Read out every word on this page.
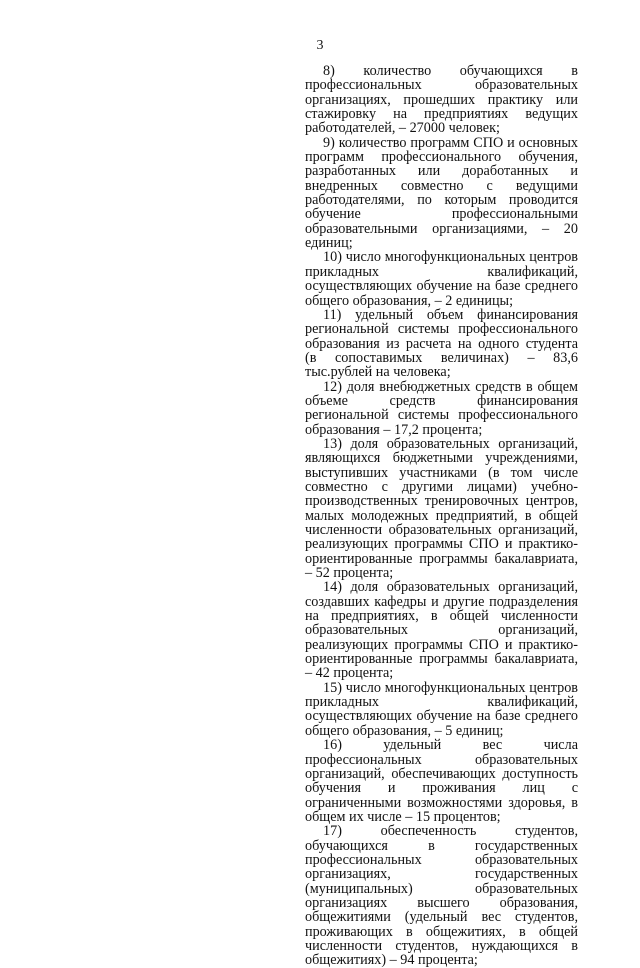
3

8) количество обучающихся в профессиональных образовательных организациях, прошедших практику или стажировку на предприятиях ведущих работодателей, – 27000 человек;

9) количество программ СПО и основных программ профессионального обучения, разработанных или доработанных и внедренных совместно с ведущими работодателями, по которым проводится обучение профессиональными образовательными организациями, – 20 единиц;

10) число многофункциональных центров прикладных квалификаций, осуществляющих обучение на базе среднего общего образования, – 2 единицы;

11) удельный объем финансирования региональной системы профессионального образования из расчета на одного студента (в сопоставимых величинах) – 83,6 тыс.рублей на человека;

12) доля внебюджетных средств в общем объеме средств финансирования региональной системы профессионального образования – 17,2 процента;

13) доля образовательных организаций, являющихся бюджетными учреждениями, выступивших участниками (в том числе совместно с другими лицами) учебно-производственных тренировочных центров, малых молодежных предприятий, в общей численности образовательных организаций, реализующих программы СПО и практико-ориентированные программы бакалавриата, – 52 процента;

14) доля образовательных организаций, создавших кафедры и другие подразделения на предприятиях, в общей численности образовательных организаций, реализующих программы СПО и практико-ориентированные программы бакалавриата, – 42 процента;

15) число многофункциональных центров прикладных квалификаций, осуществляющих обучение на базе среднего общего образования, – 5 единиц;

16) удельный вес числа профессиональных образовательных организаций, обеспечивающих доступность обучения и проживания лиц с ограниченными возможностями здоровья, в общем их числе – 15 процентов;

17) обеспеченность студентов, обучающихся в государственных профессиональных образовательных организациях, государственных (муниципальных) образовательных организациях высшего образования, общежитиями (удельный вес студентов, проживающих в общежитиях, в общей численности студентов, нуждающихся в общежитиях) – 94 процента;
